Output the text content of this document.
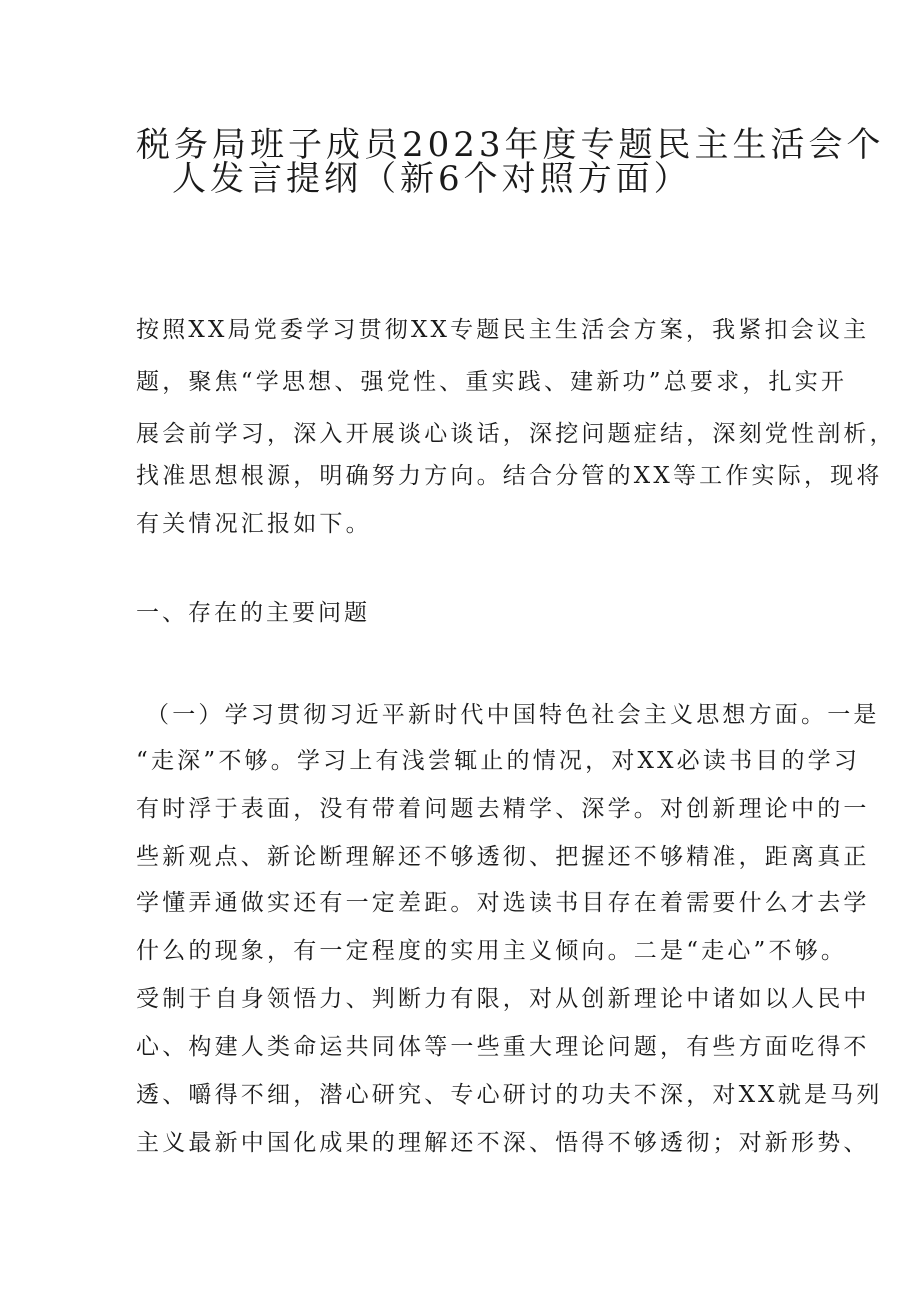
税务局班子成员2023年度专题民主生活会个
人发言提纲（新6个对照方面）
按照XX局党委学习贯彻XX专题民主生活会方案，我紧扣会议主
题，聚焦“学思想、强党性、重实践、建新功”总要求，扎实开
展会前学习，深入开展谈心谈话，深挖问题症结，深刻党性剖析，
找准思想根源，明确努力方向。结合分管的XX等工作实际，现将
有关情况汇报如下。
一、存在的主要问题
（一）学习贯彻习近平新时代中国特色社会主义思想方面。一是
“走深”不够。学习上有浅尝辄止的情况，对XX必读书目的学习
有时浮于表面，没有带着问题去精学、深学。对创新理论中的一
些新观点、新论断理解还不够透彻、把握还不够精准，距离真正
学懂弄通做实还有一定差距。对选读书目存在着需要什么才去学
什么的现象，有一定程度的实用主义倾向。二是“走心”不够。
受制于自身领悟力、判断力有限，对从创新理论中诸如以人民中
心、构建人类命运共同体等一些重大理论问题，有些方面吃得不
透、嚼得不细，潜心研究、专心研讨的功夫不深，对XX就是马列
主义最新中国化成果的理解还不深、悟得不够透彻；对新形势、
